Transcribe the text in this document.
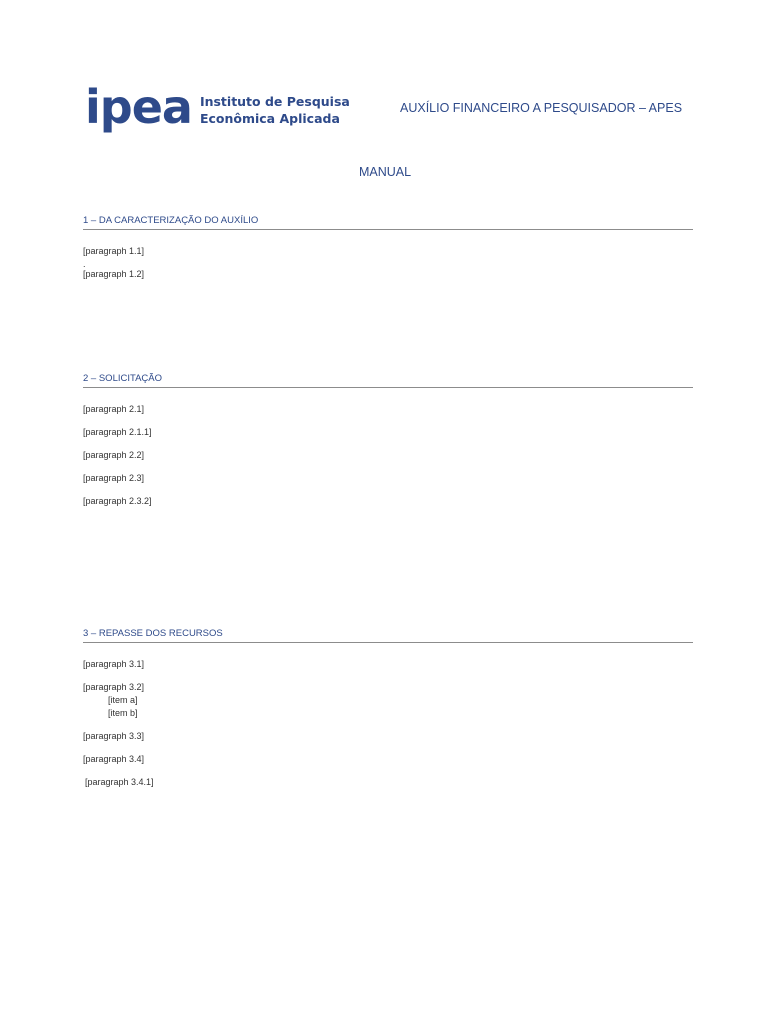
ipea Instituto de Pesquisa
Econômica Aplicada
AUXÍLIO FINANCEIRO A PESQUISADOR – APES
MANUAL
1 – DA CARACTERIZAÇÃO DO AUXÍLIO
[paragraph 1.1]
.
[paragraph 1.2]
2 – SOLICITAÇÃO
[paragraph 2.1]
[paragraph 2.1.1]
[paragraph 2.2]
[paragraph 2.3]
[paragraph 2.3.2]
3 – REPASSE DOS RECURSOS
[paragraph 3.1]
[paragraph 3.2]
[item a]
[item b]
[paragraph 3.3]
[paragraph 3.4]
[paragraph 3.4.1]
